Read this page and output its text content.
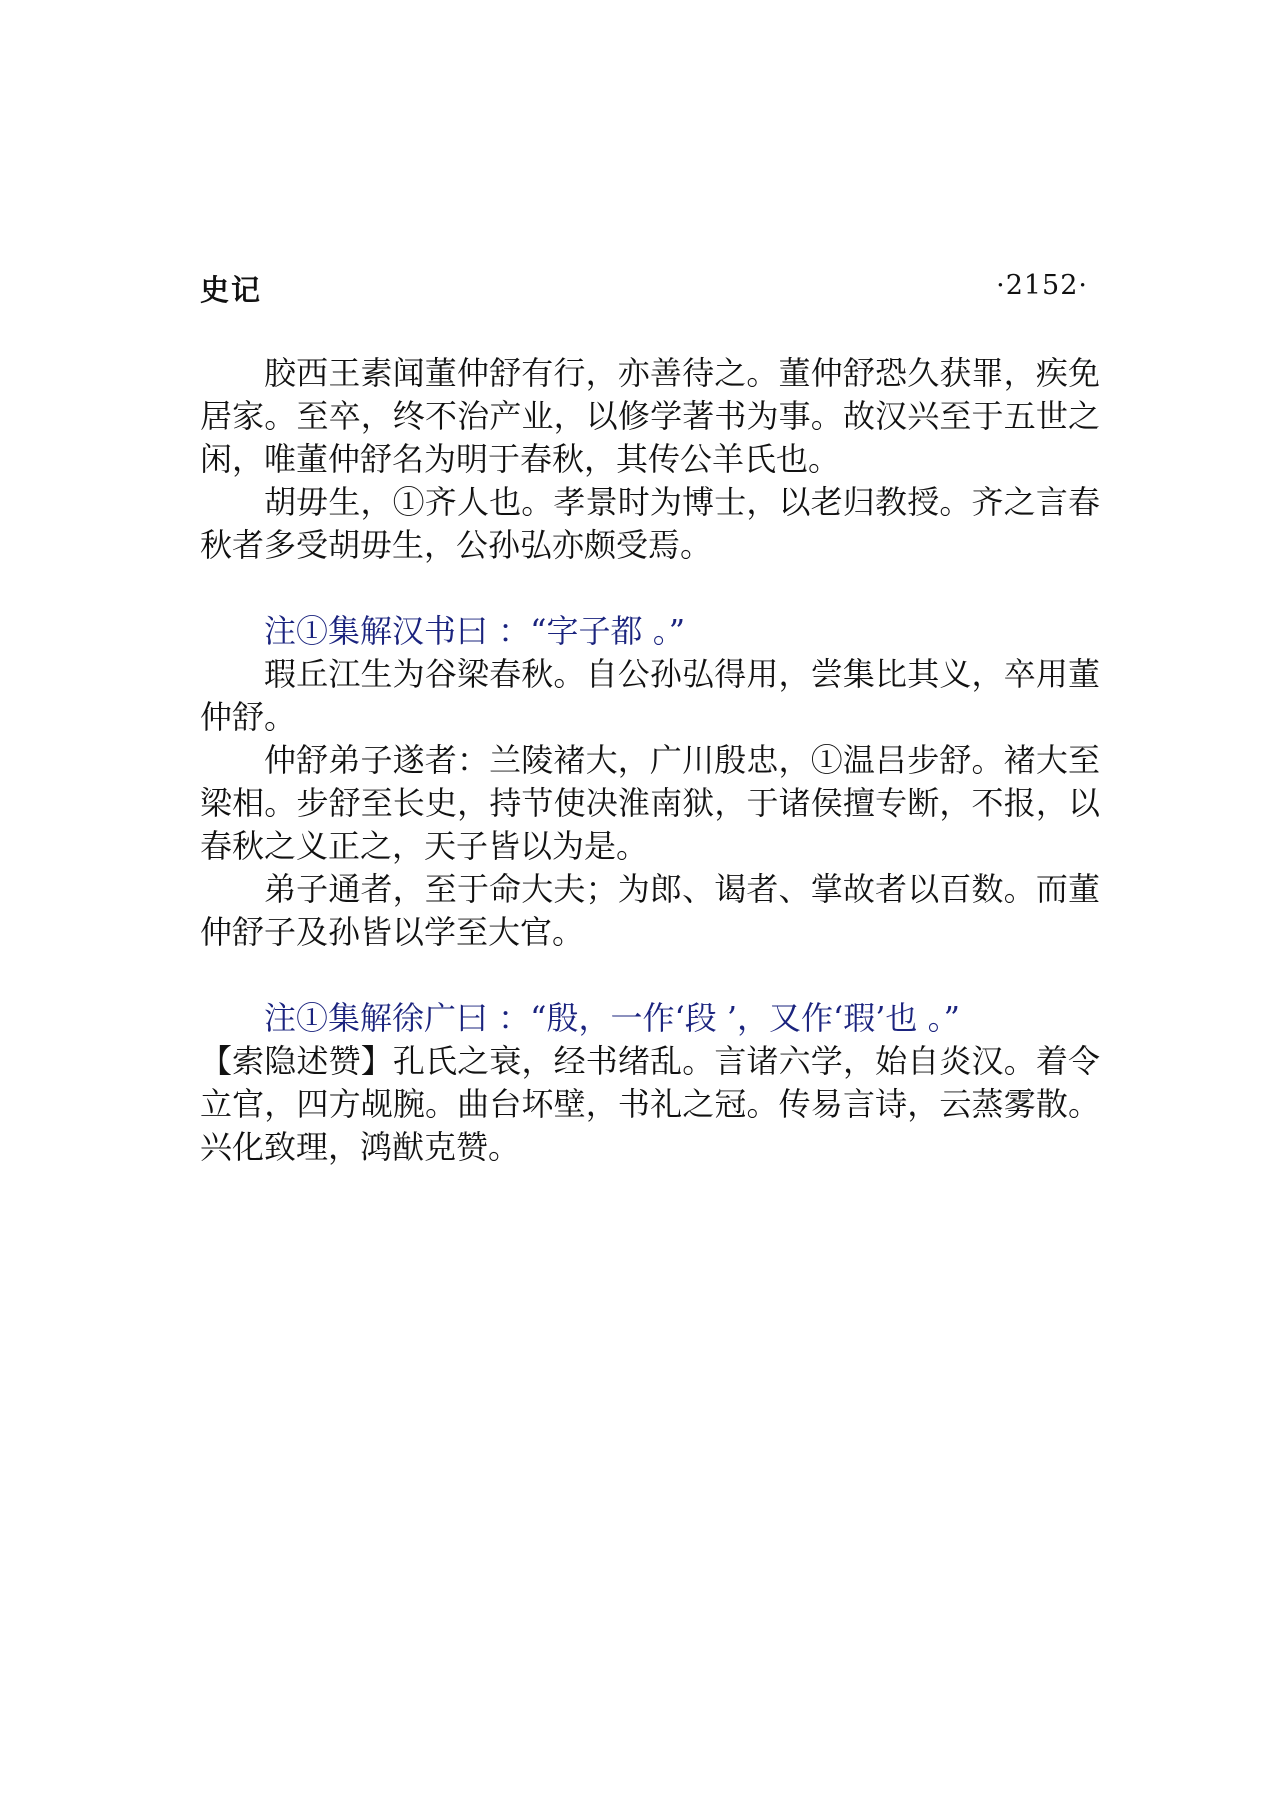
史记	·2152·

胶西王素闻董仲舒有行，亦善待之。董仲舒恐久获罪，疾免居家。至卒，终不治产业，以修学著书为事。故汉兴至于五世之闲，唯董仲舒名为明于春秋，其传公羊氏也。

胡毋生，①齐人也。孝景时为博士，以老归教授。齐之言春秋者多受胡毋生，公孙弘亦颇受焉。

注①集解汉书曰 ：“字子都 。”

瑕丘江生为谷梁春秋。自公孙弘得用，尝集比其义，卒用董仲舒。

仲舒弟子遂者：兰陵褚大，广川殷忠，①温吕步舒。褚大至梁相。步舒至长史，持节使决淮南狱，于诸侯擅专断，不报，以春秋之义正之，天子皆以为是。

弟子通者，至于命大夫；为郎、谒者、掌故者以百数。而董仲舒子及孙皆以学至大官。

注①集解徐广曰 ：“殷，一作‘段 ’，又作‘瑕’也 。”

【索隐述赞】孔氏之衰，经书绪乱。言诸六学，始自炎汉。着令立官，四方觇腕。曲台坏壁，书礼之冠。传易言诗，云蒸雾散。兴化致理，鸿猷克赞。
